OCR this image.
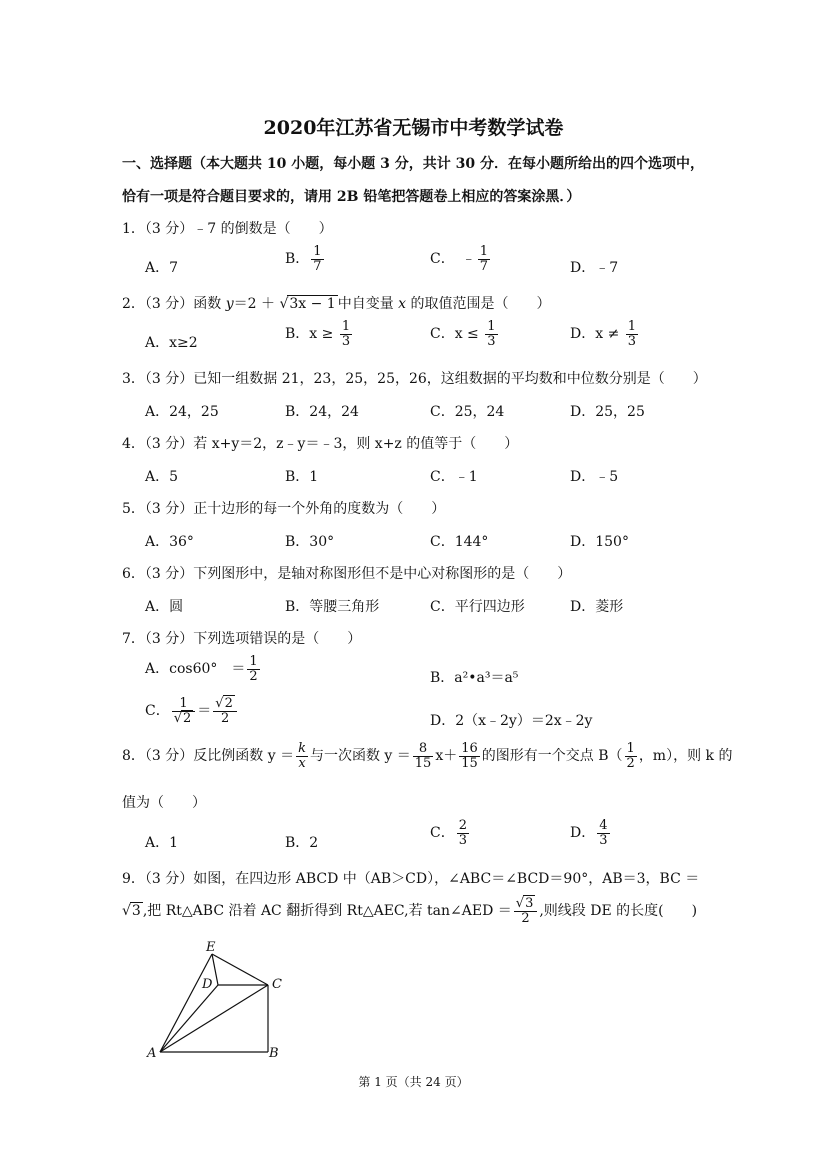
2020年江苏省无锡市中考数学试卷
一、选择题（本大题共 10 小题，每小题 3 分，共计 30 分．在每小题所给出的四个选项中，
恰有一项是符合题目要求的，请用 2B 铅笔把答题卷上相应的答案涂黑．）
1．（3 分）﹣7 的倒数是（　　）
A．7
B． $\frac{1}{7}$	C．　﹣ $\frac{1}{7}$	D．﹣7
2．（3 分）函数 y＝2 ＋ √3x − 1 中自变量 x 的取值范围是（　　）
A．x≥2
B．$x \ge \frac{1}{3}$	C．$x \le \frac{1}{3}$	D．$x \ne \frac{1}{3}$
3．（3 分）已知一组数据 21，23，25，25，26，这组数据的平均数和中位数分别是（　　）
A．24，25	B．24，24	C．25，24	D．25，25
4．（3 分）若 x+y＝2，z﹣y＝﹣3，则 x+z 的值等于（　　）
A．5	B．1	C．﹣1	D．﹣5
5．（3 分）正十边形的每一个外角的度数为（　　）
A．36°	B．30°	C．144°	D．150°
6．（3 分）下列图形中，是轴对称图形但不是中心对称图形的是（　　）
A．圆	B．等腰三角形	C．平行四边形	D．菱形
7．（3 分）下列选项错误的是（　　）
A．cos60°　＝ $\frac{1}{2}$	B．a²•a³＝a⁵
C． $\frac{1}{√2} = \frac{√2}{2}$	D．2（x﹣2y）＝2x﹣2y
8．（3 分）反比例函数 $y = \frac{k}{x}$ 与一次函数 $y = \frac{8}{15} x+ \frac{16}{15}$ 的图形有一个交点 $B( \frac{1}{2}$ ，m），则 k 的
值为（　　）
A．1	B．2
C． $\frac{2}{3}$	D． $\frac{4}{3}$
9．（3 分）如图，在四边形 ABCD 中（AB＞CD），∠ABC＝∠BCD＝90°，AB＝3，BC ＝
√3 ,把 Rt△ABC 沿着 AC 翻折得到 Rt△AEC,若 tan∠AED ＝ $\frac{√3}{2}$ ,则线段 DE 的长度(　　)
E
D	C
A	B
第 1 页（共 24 页）
